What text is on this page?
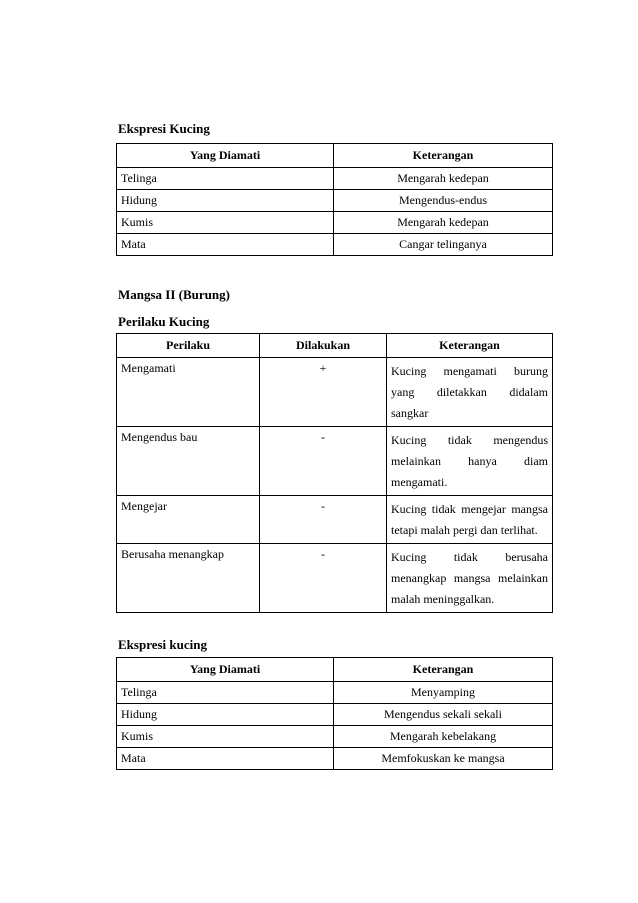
Ekspresi Kucing
Yang Diamati	Keterangan
Telinga	Mengarah kedepan
Hidung	Mengendus-endus
Kumis	Mengarah kedepan
Mata	Cangar telinganya
Mangsa II (Burung)
Perilaku Kucing
Perilaku	Dilakukan	Keterangan
Mengamati	+	Kucing mengamati burung
yang diletakkan didalam
sangkar

Mengendus bau	-	Kucing tidak mengendus
melainkan hanya diam
mengamati.

Mengejar	-	Kucing tidak mengejar mangsa
tetapi malah pergi dan terlihat.

Berusaha menangkap	-	Kucing tidak berusaha
menangkap mangsa melainkan
malah meninggalkan.
Ekspresi kucing
Yang Diamati	Keterangan
Telinga	Menyamping
Hidung	Mengendus sekali sekali
Kumis	Mengarah kebelakang
Mata	Memfokuskan ke mangsa
